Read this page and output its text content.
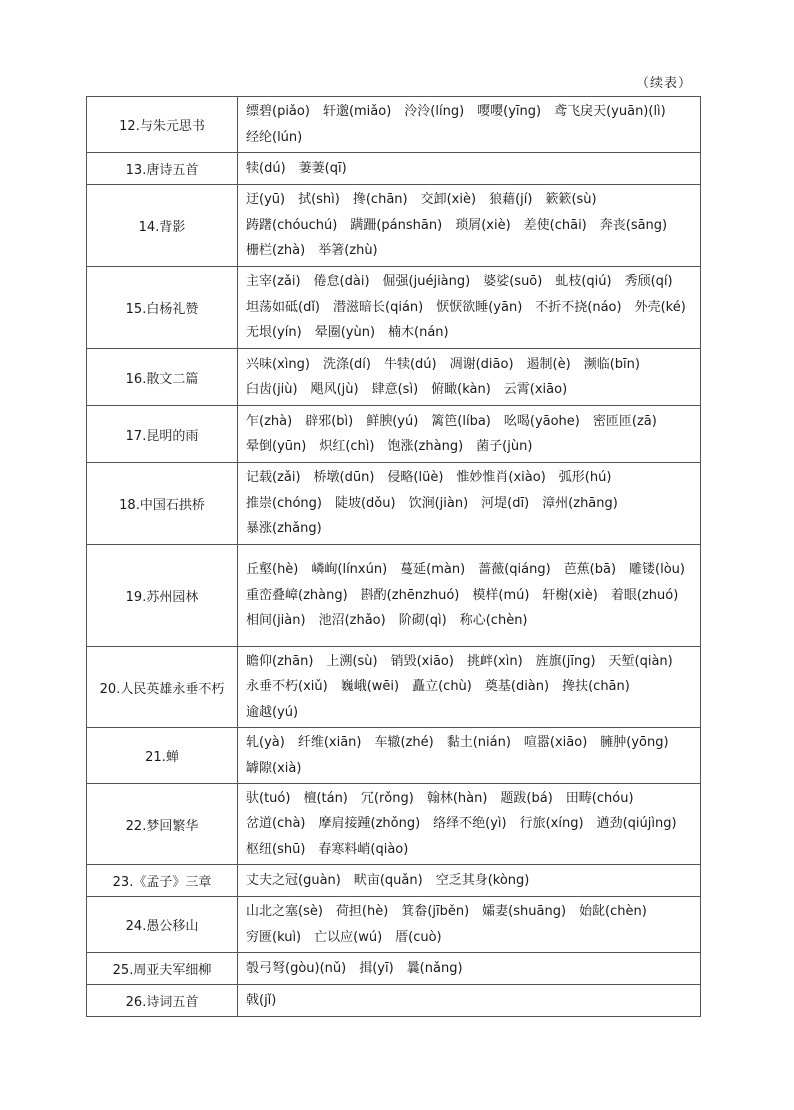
（续表）
12.与朱元思书	缥碧(piǎo) 轩邈(miǎo) 泠泠(líng) 嘤嘤(yīng) 鸢飞戾天(yuān)(lì)经纶(lún)
13.唐诗五首	犊(dú) 萋萋(qī)
14.背影	迂(yū) 拭(shì) 搀(chān) 交卸(xiè) 狼藉(jí) 簌簌(sù)踌躇(chóuchú) 蹒跚(pánshān) 琐屑(xiè) 差使(chāi) 奔丧(sāng)栅栏(zhà) 举箸(zhù)
15.白杨礼赞	主宰(zǎi) 倦怠(dài) 倔强(juéjiàng) 婆娑(suō) 虬枝(qiú) 秀颀(qí)坦荡如砥(dǐ) 潜滋暗长(qián) 恹恹欲睡(yān) 不折不挠(náo) 外壳(ké)无垠(yín) 晕圈(yùn) 楠木(nán)
16.散文二篇	兴味(xìng) 洗涤(dí) 牛犊(dú) 凋谢(diāo) 遏制(è) 濒临(bīn)臼齿(jiù) 飓风(jù) 肆意(sì) 俯瞰(kàn) 云霄(xiāo)
17.昆明的雨	乍(zhà) 辟邪(bì) 鲜腴(yú) 篱笆(líba) 吆喝(yāohe) 密匝匝(zā)晕倒(yūn) 炽红(chì) 饱涨(zhàng) 菌子(jùn)
18.中国石拱桥	记载(zǎi) 桥墩(dūn) 侵略(lüè) 惟妙惟肖(xiào) 弧形(hú)推崇(chóng) 陡坡(dǒu) 饮涧(jiàn) 河堤(dī) 漳州(zhāng)暴涨(zhǎng)
19.苏州园林	丘壑(hè) 嶙峋(línxún) 蔓延(màn) 蔷薇(qiáng) 芭蕉(bā) 雕镂(lòu)重峦叠嶂(zhàng) 斟酌(zhēnzhuó) 模样(mú) 轩榭(xiè) 着眼(zhuó)相间(jiàn) 池沼(zhǎo) 阶砌(qì) 称心(chèn)
20.人民英雄永垂不朽	瞻仰(zhān) 上溯(sù) 销毁(xiāo) 挑衅(xìn) 旌旗(jīng) 天堑(qiàn)永垂不朽(xiǔ) 巍峨(wēi) 矗立(chù) 奠基(diàn) 搀扶(chān)逾越(yú)
21.蝉	轧(yà) 纤维(xiān) 车辙(zhé) 黏土(nián) 喧嚣(xiāo) 臃肿(yōng)罅隙(xià)
22.梦回繁华	驮(tuó) 檀(tán) 冗(rǒng) 翰林(hàn) 题跋(bá) 田畴(chóu)岔道(chà) 摩肩接踵(zhǒng) 络绎不绝(yì) 行旅(xíng) 遒劲(qiújìng)枢纽(shū) 春寒料峭(qiào)
23.《孟子》三章	丈夫之冠(guàn) 畎亩(quǎn) 空乏其身(kòng)
24.愚公移山	山北之塞(sè) 荷担(hè) 箕畚(jīběn) 孀妻(shuāng) 始龀(chèn)穷匮(kuì) 亡以应(wú) 厝(cuò)
25.周亚夫军细柳	彀弓弩(gòu)(nǔ) 揖(yī) 曩(nǎng)
26.诗词五首	戟(jǐ)
